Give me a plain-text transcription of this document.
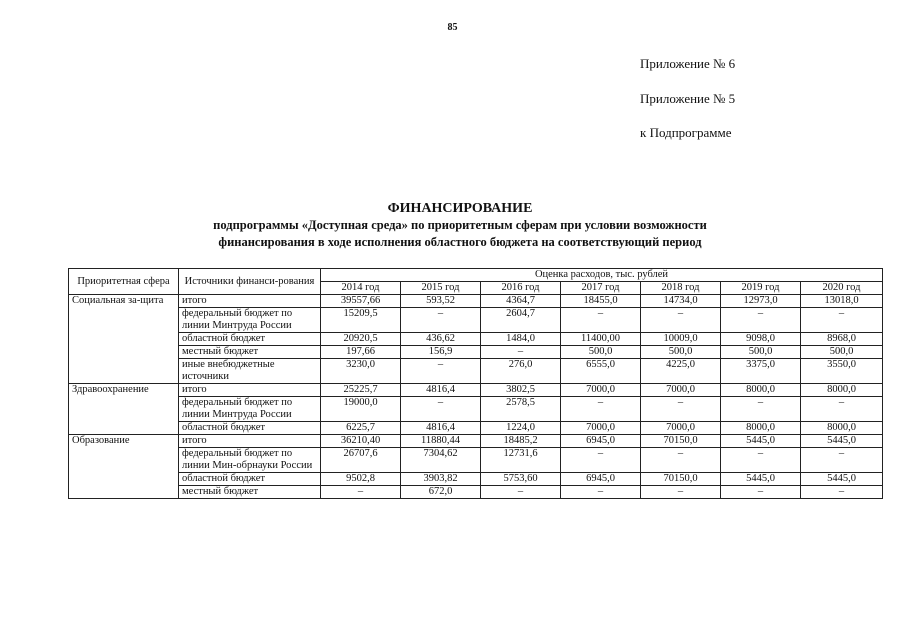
85
Приложение № 6
Приложение № 5
к Подпрограмме
ФИНАНСИРОВАНИЕ
подпрограммы «Доступная среда» по приоритетным сферам при условии возможности
финансирования в ходе исполнения областного бюджета на соответствующий период
Приоритетная сфера	Источники финанси-рования	Оценка расходов, тыс. рублей						
		2014 год	2015 год	2016 год	2017 год	2018 год	2019 год	2020 год
Социальная за-щита	итого	39557,66	593,52	4364,7	18455,0	14734,0	12973,0	13018,0
	федеральный бюджет по линии Минтруда России	15209,5	–	2604,7	–	–	–	–
	областной бюджет	20920,5	436,62	1484,0	11400,00	10009,0	9098,0	8968,0
	местный бюджет	197,66	156,9	–	500,0	500,0	500,0	500,0
	иные внебюджетные источники	3230,0	–	276,0	6555,0	4225,0	3375,0	3550,0
Здравоохранение	итого	25225,7	4816,4	3802,5	7000,0	7000,0	8000,0	8000,0
	федеральный бюджет по линии Минтруда России	19000,0	–	2578,5	–	–	–	–
	областной бюджет	6225,7	4816,4	1224,0	7000,0	7000,0	8000,0	8000,0
Образование	итого	36210,40	11880,44	18485,2	6945,0	70150,0	5445,0	5445,0
	федеральный бюджет по линии Мин-обрнауки России	26707,6	7304,62	12731,6	–	–	–	–
	областной бюджет	9502,8	3903,82	5753,60	6945,0	70150,0	5445,0	5445,0
	местный бюджет	–	672,0	–	–	–	–	–
